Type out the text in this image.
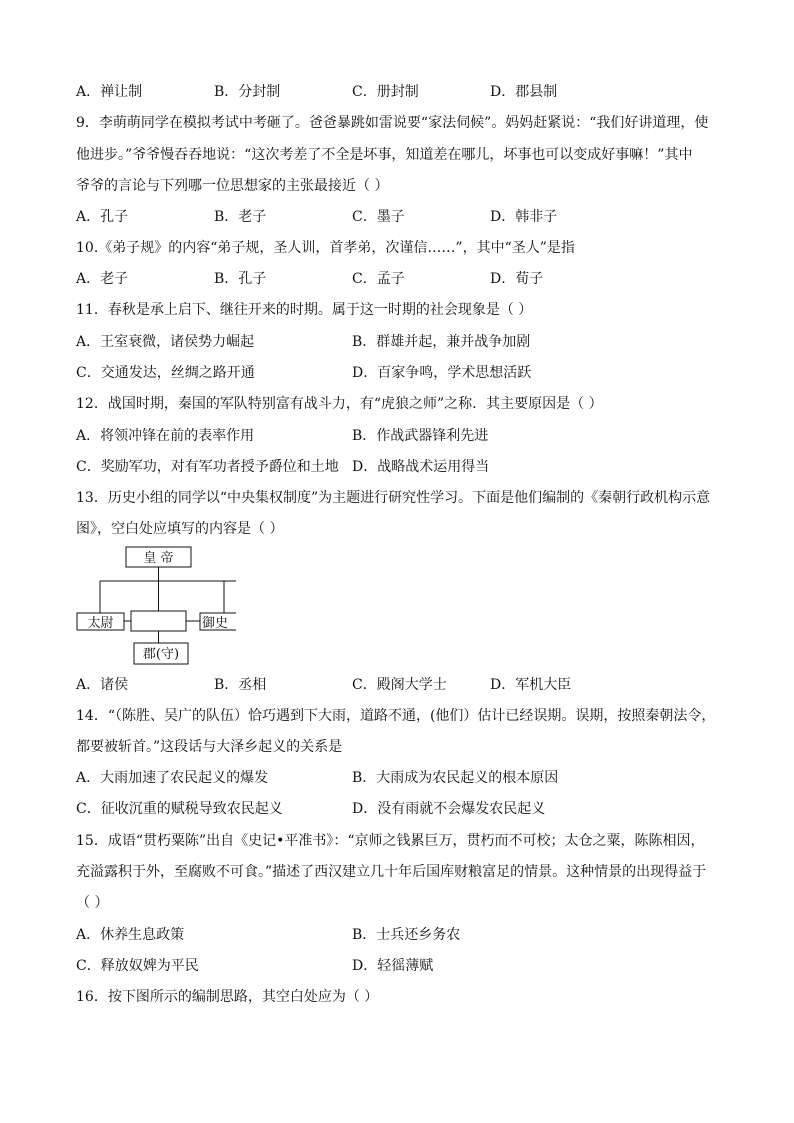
A．禅让制	B．分封制	C．册封制	D．郡县制
9．李萌萌同学在模拟考试中考砸了。爸爸暴跳如雷说要“家法伺候”。妈妈赶紧说：“我们好讲道理，使
他进步。”爷爷慢吞吞地说：“这次考差了不全是坏事，知道差在哪儿，坏事也可以变成好事嘛！”其中
爷爷的言论与下列哪一位思想家的主张最接近（ ）
A．孔子	B．老子	C．墨子	D．韩非子
10.《弟子规》的内容“弟子规，圣人训，首孝弟，次谨信……”，其中“圣人”是指
A．老子	B．孔子	C．孟子	D．荀子
11．春秋是承上启下、继往开来的时期。属于这一时期的社会现象是（ ）
A．王室衰微，诸侯势力崛起	B．群雄并起，兼并战争加剧
C．交通发达，丝绸之路开通	D．百家争鸣，学术思想活跃
12．战国时期，秦国的军队特别富有战斗力，有“虎狼之师”之称．其主要原因是（ ）
A．将领冲锋在前的表率作用	B．作战武器锋利先进
C．奖励军功，对有军功者授予爵位和土地 D．战略战术运用得当
13．历史小组的同学以“中央集权制度”为主题进行研究性学习。下面是他们编制的《秦朝行政机构示意
图》，空白处应填写的内容是（ ）
皇 帝
太尉	御史
郡(守)
A．诸侯	B．丞相	C．殿阁大学士	D．军机大臣
14．“（陈胜、吴广的队伍）恰巧遇到下大雨，道路不通，(他们）估计已经误期。误期，按照秦朝法令，
都要被斩首。”这段话与大泽乡起义的关系是
A．大雨加速了农民起义的爆发	B．大雨成为农民起义的根本原因
C．征收沉重的赋税导致农民起义	D．没有雨就不会爆发农民起义
15．成语“贯朽粟陈”出自《史记•平准书》：“京师之钱累巨万，贯朽而不可校；太仓之粟，陈陈相因，
充溢露积于外，至腐败不可食。”描述了西汉建立几十年后国库财粮富足的情景。这种情景的出现得益于
（ ）
A．休养生息政策	B．士兵还乡务农
C．释放奴婢为平民	D．轻徭薄赋
16．按下图所示的编制思路，其空白处应为（ ）
